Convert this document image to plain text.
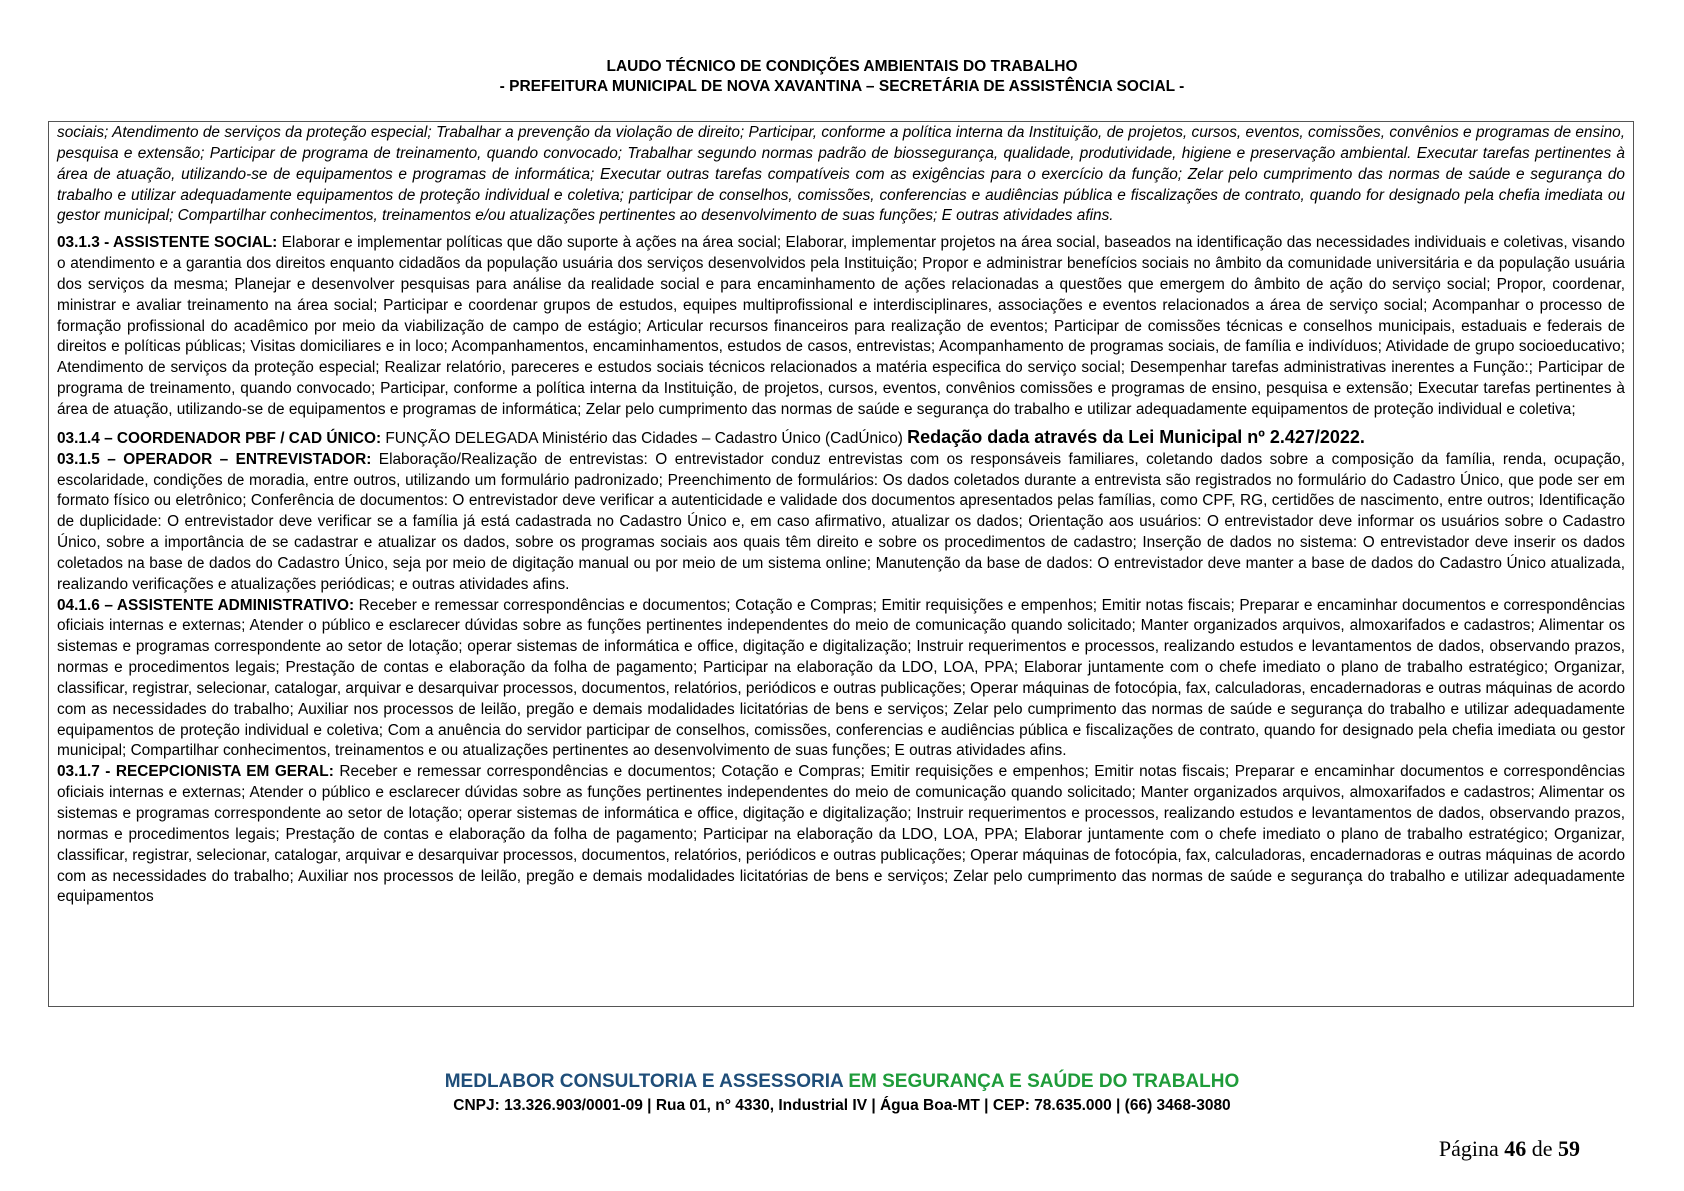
LAUDO TÉCNICO DE CONDIÇÕES AMBIENTAIS DO TRABALHO
- PREFEITURA MUNICIPAL DE NOVA XAVANTINA – SECRETÁRIA DE ASSISTÊNCIA SOCIAL -

sociais; Atendimento de serviços da proteção especial; Trabalhar a prevenção da violação de direito; Participar, conforme a política interna da Instituição, de projetos, cursos, eventos, comissões, convênios e programas de ensino, pesquisa e extensão; Participar de programa de treinamento, quando convocado; Trabalhar segundo normas padrão de biossegurança, qualidade, produtividade, higiene e preservação ambiental. Executar tarefas pertinentes à área de atuação, utilizando-se de equipamentos e programas de informática; Executar outras tarefas compatíveis com as exigências para o exercício da função; Zelar pelo cumprimento das normas de saúde e segurança do trabalho e utilizar adequadamente equipamentos de proteção individual e coletiva; participar de conselhos, comissões, conferencias e audiências pública e fiscalizações de contrato, quando for designado pela chefia imediata ou gestor municipal; Compartilhar conhecimentos, treinamentos e/ou atualizações pertinentes ao desenvolvimento de suas funções; E outras atividades afins.

03.1.3 - ASSISTENTE SOCIAL: Elaborar e implementar políticas que dão suporte à ações na área social; Elaborar, implementar projetos na área social, baseados na identificação das necessidades individuais e coletivas, visando o atendimento e a garantia dos direitos enquanto cidadãos da população usuária dos serviços desenvolvidos pela Instituição; Propor e administrar benefícios sociais no âmbito da comunidade universitária e da população usuária dos serviços da mesma; Planejar e desenvolver pesquisas para análise da realidade social e para encaminhamento de ações relacionadas a questões que emergem do âmbito de ação do serviço social; Propor, coordenar, ministrar e avaliar treinamento na área social; Participar e coordenar grupos de estudos, equipes multiprofissional e interdisciplinares, associações e eventos relacionados a área de serviço social; Acompanhar o processo de formação profissional do acadêmico por meio da viabilização de campo de estágio; Articular recursos financeiros para realização de eventos; Participar de comissões técnicas e conselhos municipais, estaduais e federais de direitos e políticas públicas; Visitas domiciliares e in loco; Acompanhamentos, encaminhamentos, estudos de casos, entrevistas; Acompanhamento de programas sociais, de família e indivíduos; Atividade de grupo socioeducativo; Atendimento de serviços da proteção especial; Realizar relatório, pareceres e estudos sociais técnicos relacionados a matéria especifica do serviço social; Desempenhar tarefas administrativas inerentes a Função:; Participar de programa de treinamento, quando convocado; Participar, conforme a política interna da Instituição, de projetos, cursos, eventos, convênios comissões e programas de ensino, pesquisa e extensão; Executar tarefas pertinentes à área de atuação, utilizando-se de equipamentos e programas de informática; Zelar pelo cumprimento das normas de saúde e segurança do trabalho e utilizar adequadamente equipamentos de proteção individual e coletiva;

03.1.4 – COORDENADOR PBF / CAD ÚNICO: FUNÇÃO DELEGADA Ministério das Cidades – Cadastro Único (CadÚnico) Redação dada através da Lei Municipal nº 2.427/2022.

03.1.5 – OPERADOR – ENTREVISTADOR: Elaboração/Realização de entrevistas: O entrevistador conduz entrevistas com os responsáveis familiares, coletando dados sobre a composição da família, renda, ocupação, escolaridade, condições de moradia, entre outros, utilizando um formulário padronizado; Preenchimento de formulários: Os dados coletados durante a entrevista são registrados no formulário do Cadastro Único, que pode ser em formato físico ou eletrônico; Conferência de documentos: O entrevistador deve verificar a autenticidade e validade dos documentos apresentados pelas famílias, como CPF, RG, certidões de nascimento, entre outros; Identificação de duplicidade: O entrevistador deve verificar se a família já está cadastrada no Cadastro Único e, em caso afirmativo, atualizar os dados; Orientação aos usuários: O entrevistador deve informar os usuários sobre o Cadastro Único, sobre a importância de se cadastrar e atualizar os dados, sobre os programas sociais aos quais têm direito e sobre os procedimentos de cadastro; Inserção de dados no sistema: O entrevistador deve inserir os dados coletados na base de dados do Cadastro Único, seja por meio de digitação manual ou por meio de um sistema online; Manutenção da base de dados: O entrevistador deve manter a base de dados do Cadastro Único atualizada, realizando verificações e atualizações periódicas; e outras atividades afins.

04.1.6 – ASSISTENTE ADMINISTRATIVO: Receber e remessar correspondências e documentos; Cotação e Compras; Emitir requisições e empenhos; Emitir notas fiscais; Preparar e encaminhar documentos e correspondências oficiais internas e externas; Atender o público e esclarecer dúvidas sobre as funções pertinentes independentes do meio de comunicação quando solicitado; Manter organizados arquivos, almoxarifados e cadastros; Alimentar os sistemas e programas correspondente ao setor de lotação; operar sistemas de informática e office, digitação e digitalização; Instruir requerimentos e processos, realizando estudos e levantamentos de dados, observando prazos, normas e procedimentos legais; Prestação de contas e elaboração da folha de pagamento; Participar na elaboração da LDO, LOA, PPA; Elaborar juntamente com o chefe imediato o plano de trabalho estratégico; Organizar, classificar, registrar, selecionar, catalogar, arquivar e desarquivar processos, documentos, relatórios, periódicos e outras publicações; Operar máquinas de fotocópia, fax, calculadoras, encadernadoras e outras máquinas de acordo com as necessidades do trabalho; Auxiliar nos processos de leilão, pregão e demais modalidades licitatórias de bens e serviços; Zelar pelo cumprimento das normas de saúde e segurança do trabalho e utilizar adequadamente equipamentos de proteção individual e coletiva; Com a anuência do servidor participar de conselhos, comissões, conferencias e audiências pública e fiscalizações de contrato, quando for designado pela chefia imediata ou gestor municipal; Compartilhar conhecimentos, treinamentos e ou atualizações pertinentes ao desenvolvimento de suas funções; E outras atividades afins.

03.1.7 - RECEPCIONISTA EM GERAL: Receber e remessar correspondências e documentos; Cotação e Compras; Emitir requisições e empenhos; Emitir notas fiscais; Preparar e encaminhar documentos e correspondências oficiais internas e externas; Atender o público e esclarecer dúvidas sobre as funções pertinentes independentes do meio de comunicação quando solicitado; Manter organizados arquivos, almoxarifados e cadastros; Alimentar os sistemas e programas correspondente ao setor de lotação; operar sistemas de informática e office, digitação e digitalização; Instruir requerimentos e processos, realizando estudos e levantamentos de dados, observando prazos, normas e procedimentos legais; Prestação de contas e elaboração da folha de pagamento; Participar na elaboração da LDO, LOA, PPA; Elaborar juntamente com o chefe imediato o plano de trabalho estratégico; Organizar, classificar, registrar, selecionar, catalogar, arquivar e desarquivar processos, documentos, relatórios, periódicos e outras publicações; Operar máquinas de fotocópia, fax, calculadoras, encadernadoras e outras máquinas de acordo com as necessidades do trabalho; Auxiliar nos processos de leilão, pregão e demais modalidades licitatórias de bens e serviços; Zelar pelo cumprimento das normas de saúde e segurança do trabalho e utilizar adequadamente equipamentos

MEDLABOR CONSULTORIA E ASSESSORIA EM SEGURANÇA E SAÚDE DO TRABALHO
CNPJ: 13.326.903/0001-09 | Rua 01, n° 4330, Industrial IV | Água Boa-MT | CEP: 78.635.000 | (66) 3468-3080
Página 46 de 59
